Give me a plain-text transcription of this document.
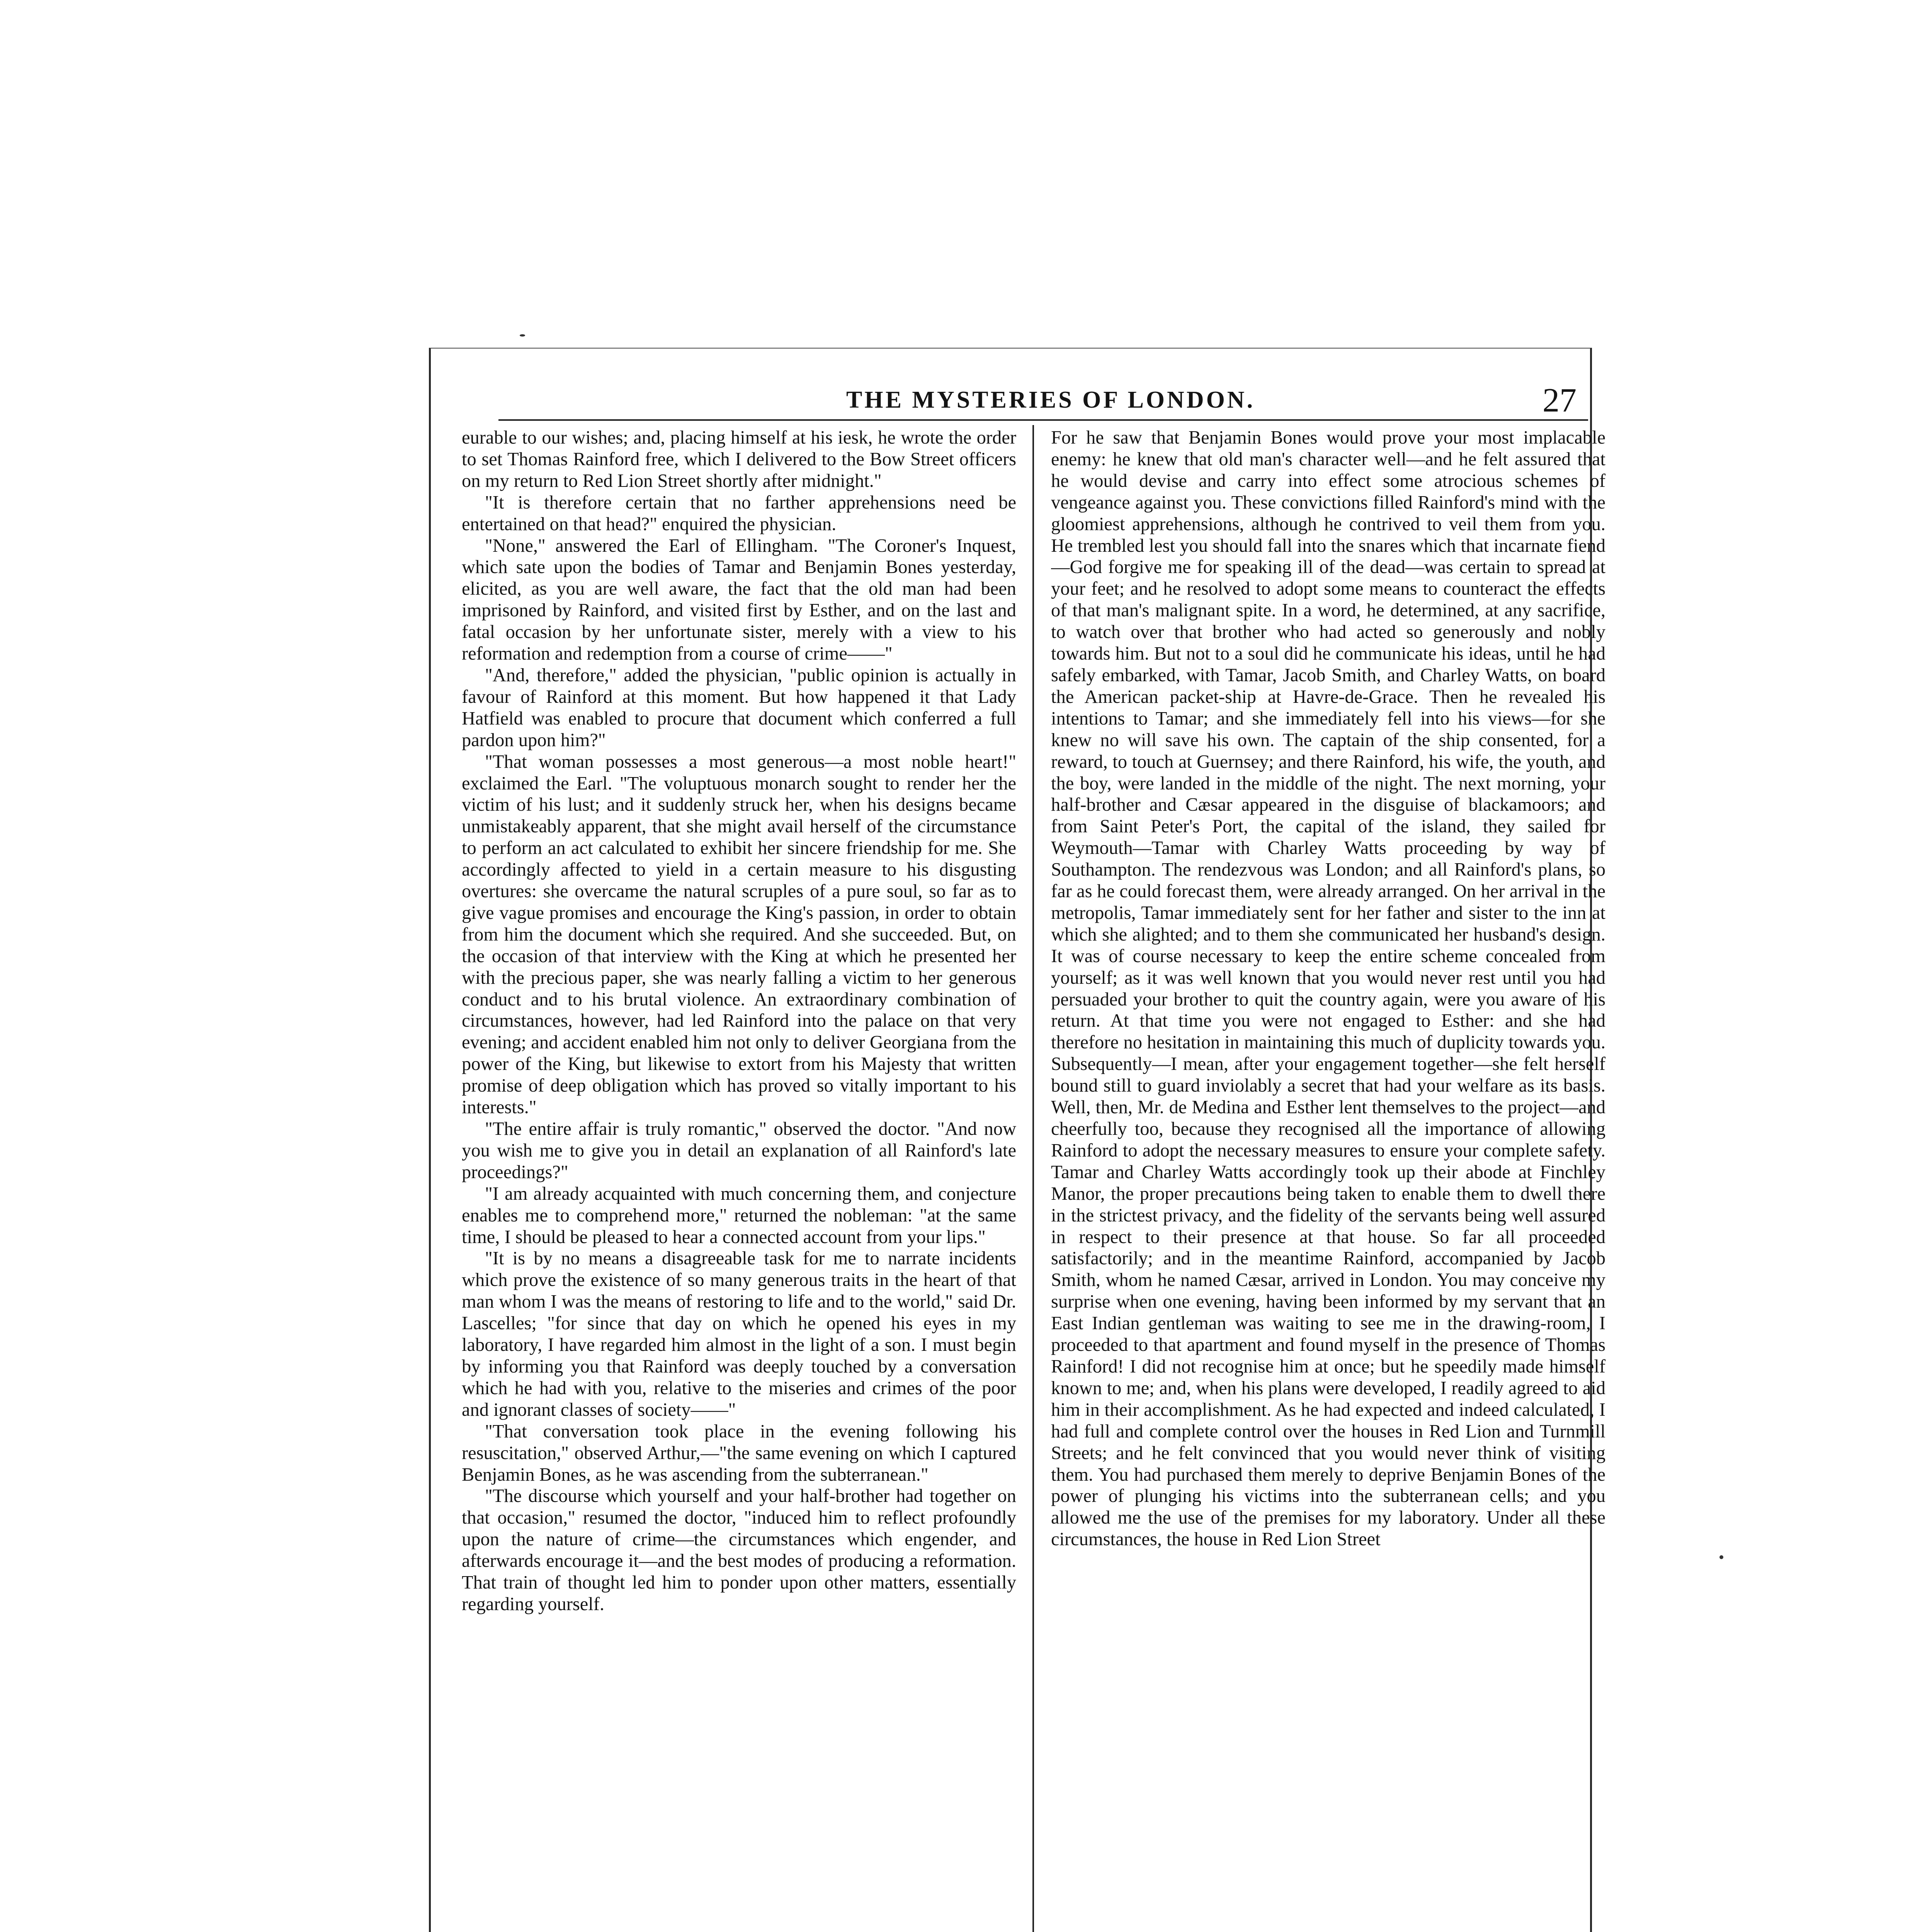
THE MYSTERIES OF LONDON.	27

eurable to our wishes; and, placing himself at his iesk, he wrote the order to set Thomas Rainford free, which I delivered to the Bow Street officers on my return to Red Lion Street shortly after midnight."

"It is therefore certain that no farther apprehensions need be entertained on that head?" enquired the physician.

"None," answered the Earl of Ellingham. "The Coroner's Inquest, which sate upon the bodies of Tamar and Benjamin Bones yesterday, elicited, as you are well aware, the fact that the old man had been imprisoned by Rainford, and visited first by Esther, and on the last and fatal occasion by her unfortunate sister, merely with a view to his reformation and redemption from a course of crime——"

"And, therefore," added the physician, "public opinion is actually in favour of Rainford at this moment. But how happened it that Lady Hatfield was enabled to procure that document which conferred a full pardon upon him?"

"That woman possesses a most generous—a most noble heart!" exclaimed the Earl. "The voluptuous monarch sought to render her the victim of his lust; and it suddenly struck her, when his designs became unmistakeably apparent, that she might avail herself of the circumstance to perform an act calculated to exhibit her sincere friendship for me. She accordingly affected to yield in a certain measure to his disgusting overtures: she overcame the natural scruples of a pure soul, so far as to give vague promises and encourage the King's passion, in order to obtain from him the document which she required. And she succeeded. But, on the occasion of that interview with the King at which he presented her with the precious paper, she was nearly falling a victim to her generous conduct and to his brutal violence. An extraordinary combination of circumstances, however, had led Rainford into the palace on that very evening; and accident enabled him not only to deliver Georgiana from the power of the King, but likewise to extort from his Majesty that written promise of deep obligation which has proved so vitally important to his interests."

"The entire affair is truly romantic," observed the doctor. "And now you wish me to give you in detail an explanation of all Rainford's late proceedings?"

"I am already acquainted with much concerning them, and conjecture enables me to comprehend more," returned the nobleman: "at the same time, I should be pleased to hear a connected account from your lips."

"It is by no means a disagreeable task for me to narrate incidents which prove the existence of so many generous traits in the heart of that man whom I was the means of restoring to life and to the world," said Dr. Lascelles; "for since that day on which he opened his eyes in my laboratory, I have regarded him almost in the light of a son. I must begin by informing you that Rainford was deeply touched by a conversation which he had with you, relative to the miseries and crimes of the poor and ignorant classes of society——"

"That conversation took place in the evening following his resuscitation," observed Arthur,—"the same evening on which I captured Benjamin Bones, as he was ascending from the subterranean."

"The discourse which yourself and your half-brother had together on that occasion," resumed the doctor, "induced him to reflect profoundly upon the nature of crime—the circumstances which engender, and afterwards encourage it—and the best modes of producing a reformation. That train of thought led him to ponder upon other matters, essentially regarding yourself.

For he saw that Benjamin Bones would prove your most implacable enemy: he knew that old man's character well—and he felt assured that he would devise and carry into effect some atrocious schemes of vengeance against you. These convictions filled Rainford's mind with the gloomiest apprehensions, although he contrived to veil them from you. He trembled lest you should fall into the snares which that incarnate fiend—God forgive me for speaking ill of the dead—was certain to spread at your feet; and he resolved to adopt some means to counteract the effects of that man's malignant spite. In a word, he determined, at any sacrifice, to watch over that brother who had acted so generously and nobly towards him. But not to a soul did he communicate his ideas, until he had safely embarked, with Tamar, Jacob Smith, and Charley Watts, on board the American packet-ship at Havre-de-Grace. Then he revealed his intentions to Tamar; and she immediately fell into his views—for she knew no will save his own. The captain of the ship consented, for a reward, to touch at Guernsey; and there Rainford, his wife, the youth, and the boy, were landed in the middle of the night. The next morning, your half-brother and Cæsar appeared in the disguise of blackamoors; and from Saint Peter's Port, the capital of the island, they sailed for Weymouth—Tamar with Charley Watts proceeding by way of Southampton. The rendezvous was London; and all Rainford's plans, so far as he could forecast them, were already arranged. On her arrival in the metropolis, Tamar immediately sent for her father and sister to the inn at which she alighted; and to them she communicated her husband's design. It was of course necessary to keep the entire scheme concealed from yourself; as it was well known that you would never rest until you had persuaded your brother to quit the country again, were you aware of his return. At that time you were not engaged to Esther: and she had therefore no hesitation in maintaining this much of duplicity towards you. Subsequently—I mean, after your engagement together—she felt herself bound still to guard inviolably a secret that had your welfare as its basis. Well, then, Mr. de Medina and Esther lent themselves to the project—and cheerfully too, because they recognised all the importance of allowing Rainford to adopt the necessary measures to ensure your complete safety. Tamar and Charley Watts accordingly took up their abode at Finchley Manor, the proper precautions being taken to enable them to dwell there in the strictest privacy, and the fidelity of the servants being well assured in respect to their presence at that house. So far all proceeded satisfactorily; and in the meantime Rainford, accompanied by Jacob Smith, whom he named Cæsar, arrived in London. You may conceive my surprise when one evening, having been informed by my servant that an East Indian gentleman was waiting to see me in the drawing-room, I proceeded to that apartment and found myself in the presence of Thomas Rainford! I did not recognise him at once; but he speedily made himself known to me; and, when his plans were developed, I readily agreed to aid him in their accomplishment. As he had expected and indeed calculated, I had full and complete control over the houses in Red Lion and Turnmill Streets; and he felt convinced that you would never think of visiting them. You had purchased them merely to deprive Benjamin Bones of the power of plunging his victims into the subterranean cells; and you allowed me the use of the premises for my laboratory. Under all these circumstances, the house in Red Lion Street
